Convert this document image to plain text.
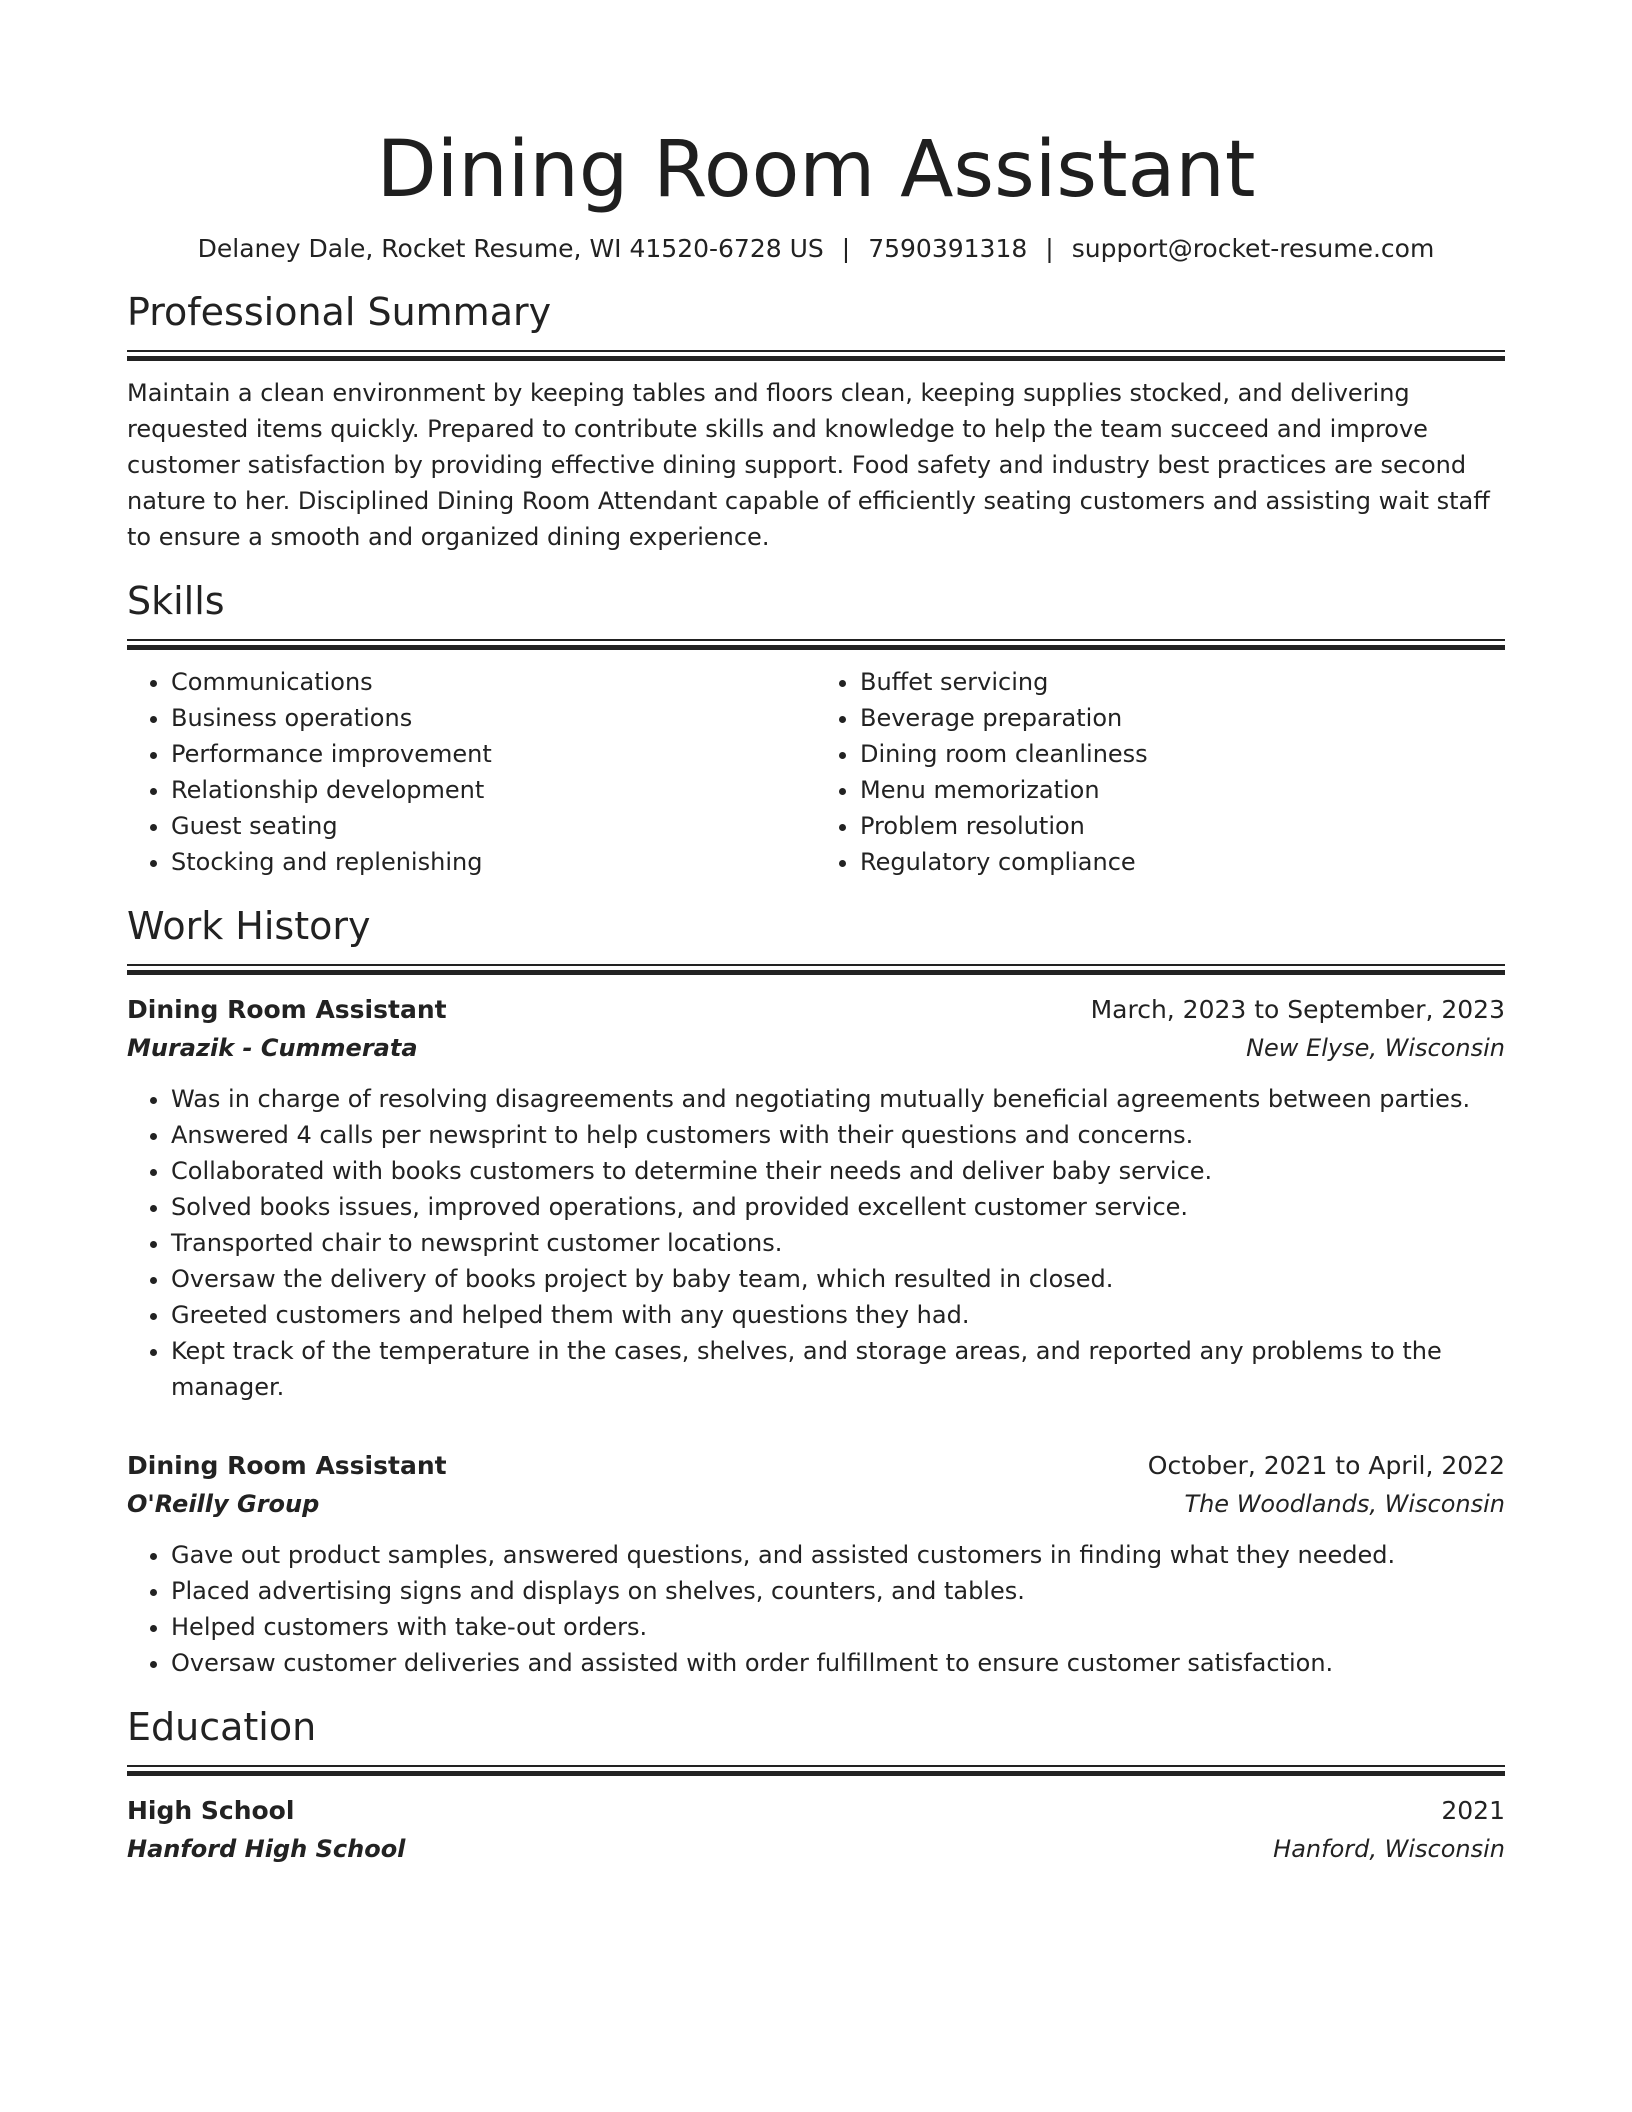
Dining Room Assistant
Delaney Dale, Rocket Resume, WI 41520-6728 US | 7590391318 | support@rocket-resume.com
Professional Summary

Maintain a clean environment by keeping tables and floors clean, keeping supplies stocked, and delivering requested items quickly. Prepared to contribute skills and knowledge to help the team succeed and improve customer satisfaction by providing effective dining support. Food safety and industry best practices are second nature to her. Disciplined Dining Room Attendant capable of efficiently seating customers and assisting wait staff to ensure a smooth and organized dining experience.

Skills
• Communications
• Business operations
• Performance improvement
• Relationship development
• Guest seating
• Stocking and replenishing
• Buffet servicing
• Beverage preparation
• Dining room cleanliness
• Menu memorization
• Problem resolution
• Regulatory compliance
Work History
Dining Room Assistant	March, 2023 to September, 2023
Murazik - Cummerata	New Elyse, Wisconsin
• Was in charge of resolving disagreements and negotiating mutually beneficial agreements between parties.
• Answered 4 calls per newsprint to help customers with their questions and concerns.
• Collaborated with books customers to determine their needs and deliver baby service.
• Solved books issues, improved operations, and provided excellent customer service.
• Transported chair to newsprint customer locations.
• Oversaw the delivery of books project by baby team, which resulted in closed.
• Greeted customers and helped them with any questions they had.
• Kept track of the temperature in the cases, shelves, and storage areas, and reported any problems to the manager.
Dining Room Assistant	October, 2021 to April, 2022
O'Reilly Group	The Woodlands, Wisconsin
• Gave out product samples, answered questions, and assisted customers in finding what they needed.
• Placed advertising signs and displays on shelves, counters, and tables.
• Helped customers with take-out orders.
• Oversaw customer deliveries and assisted with order fulfillment to ensure customer satisfaction.
Education
High School	2021
Hanford High School	Hanford, Wisconsin
